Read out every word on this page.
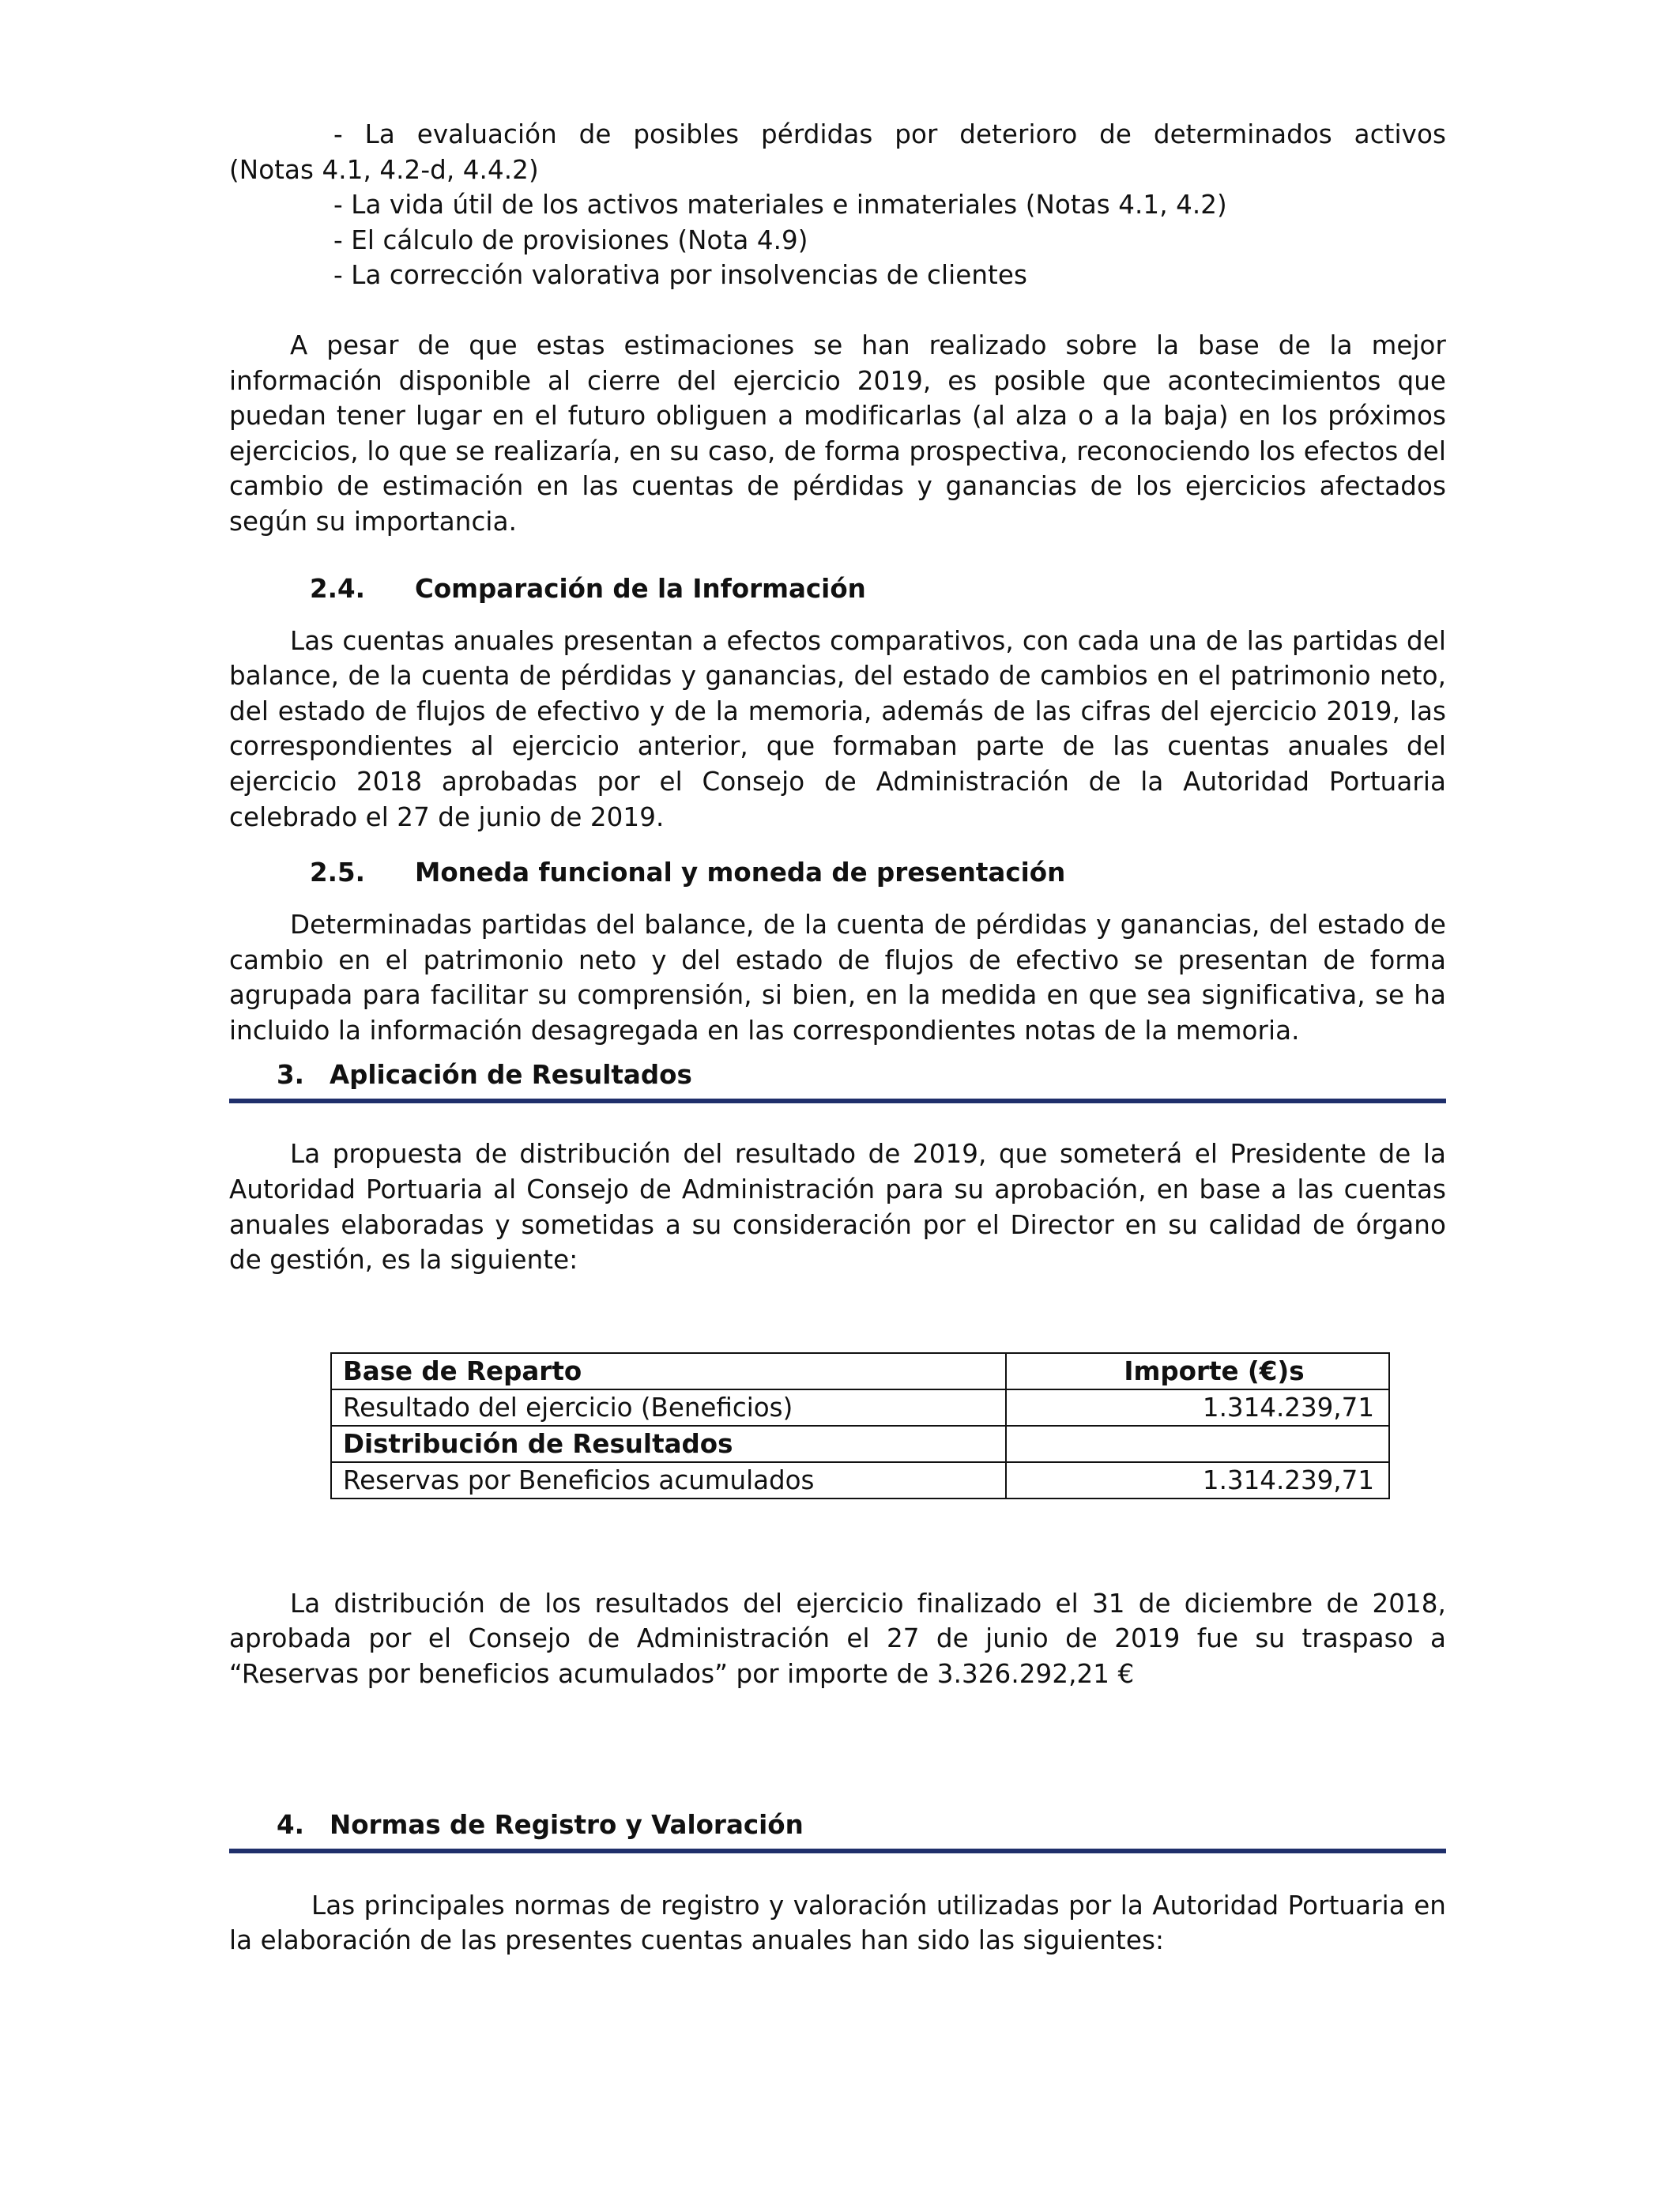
- La evaluación de posibles pérdidas por deterioro de determinados activos

(Notas 4.1, 4.2-d, 4.4.2)

- La vida útil de los activos materiales e inmateriales (Notas 4.1, 4.2)

- El cálculo de provisiones (Nota 4.9)

- La corrección valorativa por insolvencias de clientes

A pesar de que estas estimaciones se han realizado sobre la base de la mejor información disponible al cierre del ejercicio 2019, es posible que acontecimientos que puedan tener lugar en el futuro obliguen a modificarlas (al alza o a la baja) en los próximos ejercicios, lo que se realizaría, en su caso, de forma prospectiva, reconociendo los efectos del cambio de estimación en las cuentas de pérdidas y ganancias de los ejercicios afectados según su importancia.

2.4. Comparación de la Información

Las cuentas anuales presentan a efectos comparativos, con cada una de las partidas del balance, de la cuenta de pérdidas y ganancias, del estado de cambios en el patrimonio neto, del estado de flujos de efectivo y de la memoria, además de las cifras del ejercicio 2019, las correspondientes al ejercicio anterior, que formaban parte de las cuentas anuales del ejercicio 2018 aprobadas por el Consejo de Administración de la Autoridad Portuaria celebrado el 27 de junio de 2019.

2.5. Moneda funcional y moneda de presentación

Determinadas partidas del balance, de la cuenta de pérdidas y ganancias, del estado de cambio en el patrimonio neto y del estado de flujos de efectivo se presentan de forma agrupada para facilitar su comprensión, si bien, en la medida en que sea significativa, se ha incluido la información desagregada en las correspondientes notas de la memoria.

3. Aplicación de Resultados

La propuesta de distribución del resultado de 2019, que someterá el Presidente de la Autoridad Portuaria al Consejo de Administración para su aprobación, en base a las cuentas anuales elaboradas y sometidas a su consideración por el Director en su calidad de órgano de gestión, es la siguiente:

Base de Reparto	Importe (€)s
Resultado del ejercicio (Beneficios)	1.314.239,71
Distribución de Resultados	
Reservas por Beneficios acumulados	1.314.239,71

La distribución de los resultados del ejercicio finalizado el 31 de diciembre de 2018, aprobada por el Consejo de Administración el 27 de junio de 2019 fue su traspaso a “Reservas por beneficios acumulados” por importe de 3.326.292,21 €

4. Normas de Registro y Valoración

Las principales normas de registro y valoración utilizadas por la Autoridad Portuaria en la elaboración de las presentes cuentas anuales han sido las siguientes:
